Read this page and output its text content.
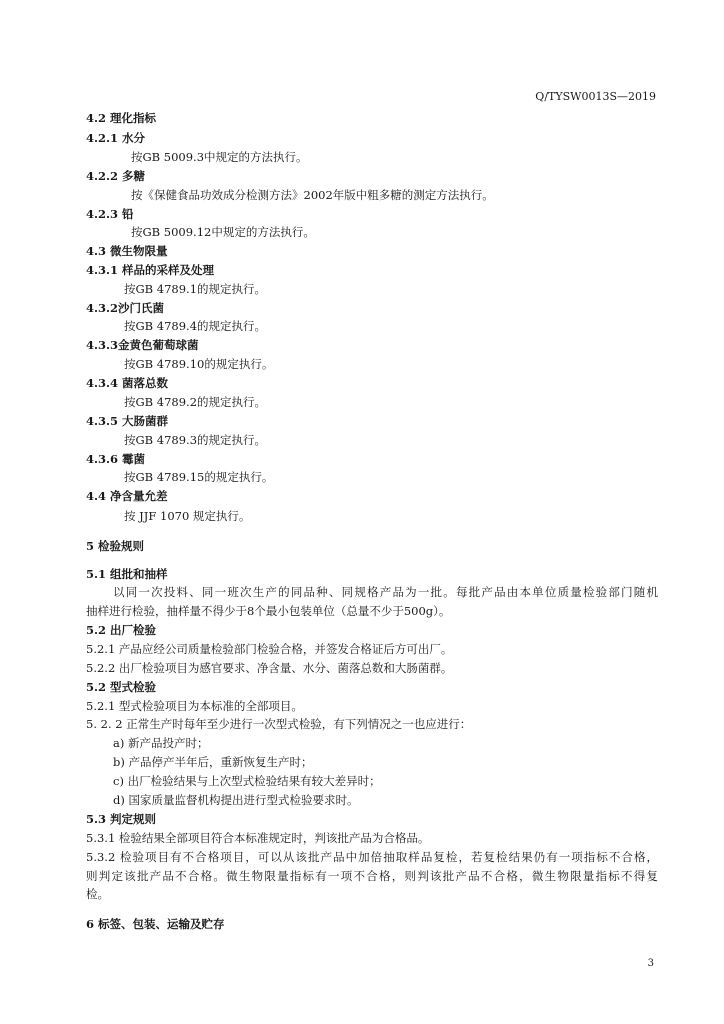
Q/TYSW0013S—2019
4.2 理化指标
4.2.1 水分
按GB 5009.3中规定的方法执行。
4.2.2 多糖
按《保健食品功效成分检测方法》2002年版中粗多糖的测定方法执行。
4.2.3 铅
按GB 5009.12中规定的方法执行。
4.3 微生物限量
4.3.1 样品的采样及处理
按GB 4789.1的规定执行。
4.3.2沙门氏菌
按GB 4789.4的规定执行。
4.3.3金黄色葡萄球菌
按GB 4789.10的规定执行。
4.3.4 菌落总数
按GB 4789.2的规定执行。
4.3.5 大肠菌群
按GB 4789.3的规定执行。
4.3.6 霉菌
按GB 4789.15的规定执行。
4.4 净含量允差
按 JJF 1070 规定执行。
5 检验规则
5.1 组批和抽样
以同一次投料、同一班次生产的同品种、同规格产品为一批。每批产品由本单位质量检验部门随机
抽样进行检验，抽样量不得少于8个最小包装单位（总量不少于500g）。
5.2 出厂检验
5.2.1 产品应经公司质量检验部门检验合格，并签发合格证后方可出厂。
5.2.2 出厂检验项目为感官要求、净含量、水分、菌落总数和大肠菌群。
5.2 型式检验
5.2.1 型式检验项目为本标准的全部项目。
5. 2. 2 正常生产时每年至少进行一次型式检验，有下列情况之一也应进行：
a) 新产品投产时；
b) 产品停产半年后，重新恢复生产时；
c) 出厂检验结果与上次型式检验结果有较大差异时；
d) 国家质量监督机构提出进行型式检验要求时。
5.3 判定规则
5.3.1 检验结果全部项目符合本标准规定时，判该批产品为合格品。
5.3.2 检验项目有不合格项目，可以从该批产品中加倍抽取样品复检，若复检结果仍有一项指标不合格，
则判定该批产品不合格。微生物限量指标有一项不合格，则判该批产品不合格，微生物限量指标不得复
检。
6 标签、包装、运输及贮存
3
